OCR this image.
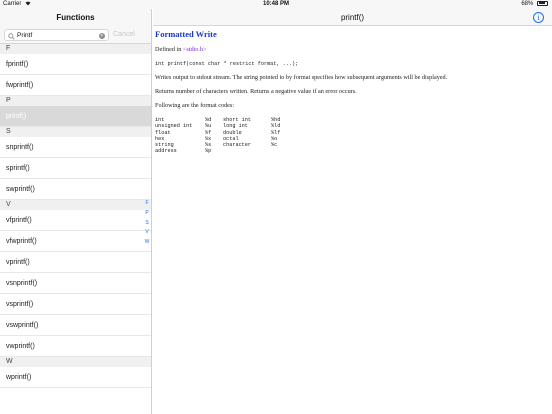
Carrier	10:48 PM	68%
Functions
Printf
× Cancel
F
fprintf()
fwprintf()
P
printf()
S
snprintf()
sprintf()
swprintf()
V
vfprintf()
vfwprintf()
vprintf()
vsnprintf()
vsprintf()
vswprintf()
vwprintf()
W
wprintf()
F
P
S
V
W
printf()	i
Formatted Write
Defined in <stdio.h>
int printf(const char * restrict format, ...);
Writes output to stdout stream. The string pointed to by format specifies how subsequent arguments will be displayed.
Returns number of characters written. Returns a negative value if an error occurs.
Following are the format codes:
int	%d	short int	%hd
unsigned int	%u	long int	%ld
float	%f	double	%lf
hex	%x	octal	%o
string	%s	character	%c
address	%p		
